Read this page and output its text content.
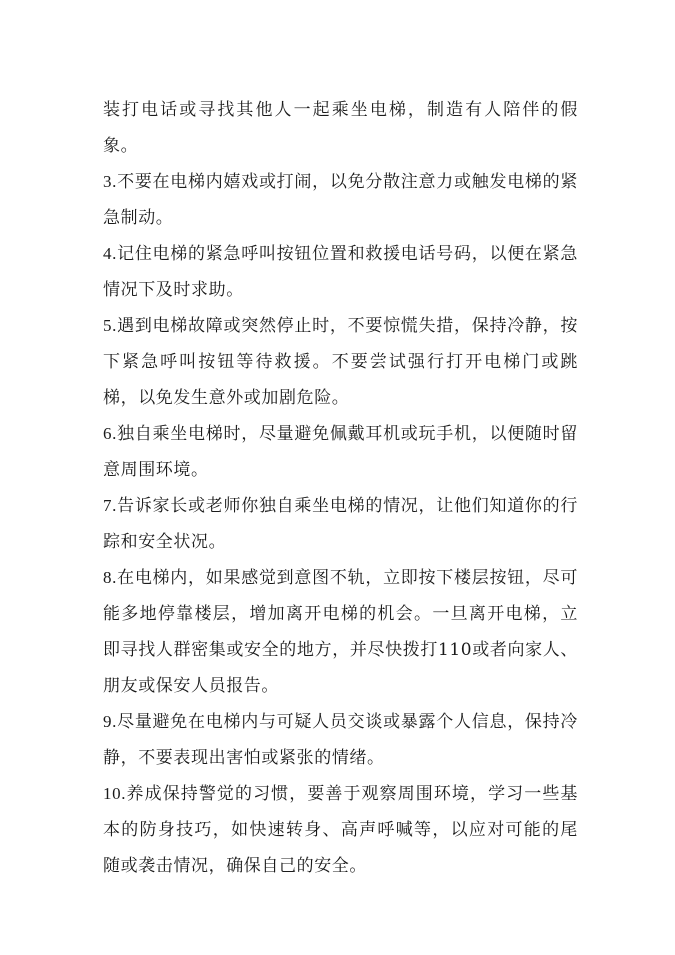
装打电话或寻找其他人一起乘坐电梯，制造有人陪伴的假象。

3.不要在电梯内嬉戏或打闹，以免分散注意力或触发电梯的紧急制动。

4.记住电梯的紧急呼叫按钮位置和救援电话号码，以便在紧急情况下及时求助。

5.遇到电梯故障或突然停止时，不要惊慌失措，保持冷静，按下紧急呼叫按钮等待救援。不要尝试强行打开电梯门或跳梯，以免发生意外或加剧危险。

6.独自乘坐电梯时，尽量避免佩戴耳机或玩手机，以便随时留意周围环境。

7.告诉家长或老师你独自乘坐电梯的情况，让他们知道你的行踪和安全状况。

8.在电梯内，如果感觉到意图不轨，立即按下楼层按钮，尽可能多地停靠楼层，增加离开电梯的机会。一旦离开电梯，立即寻找人群密集或安全的地方，并尽快拨打110或者向家人、朋友或保安人员报告。

9.尽量避免在电梯内与可疑人员交谈或暴露个人信息，保持冷静，不要表现出害怕或紧张的情绪。

10.养成保持警觉的习惯，要善于观察周围环境，学习一些基本的防身技巧，如快速转身、高声呼喊等，以应对可能的尾随或袭击情况，确保自己的安全。
